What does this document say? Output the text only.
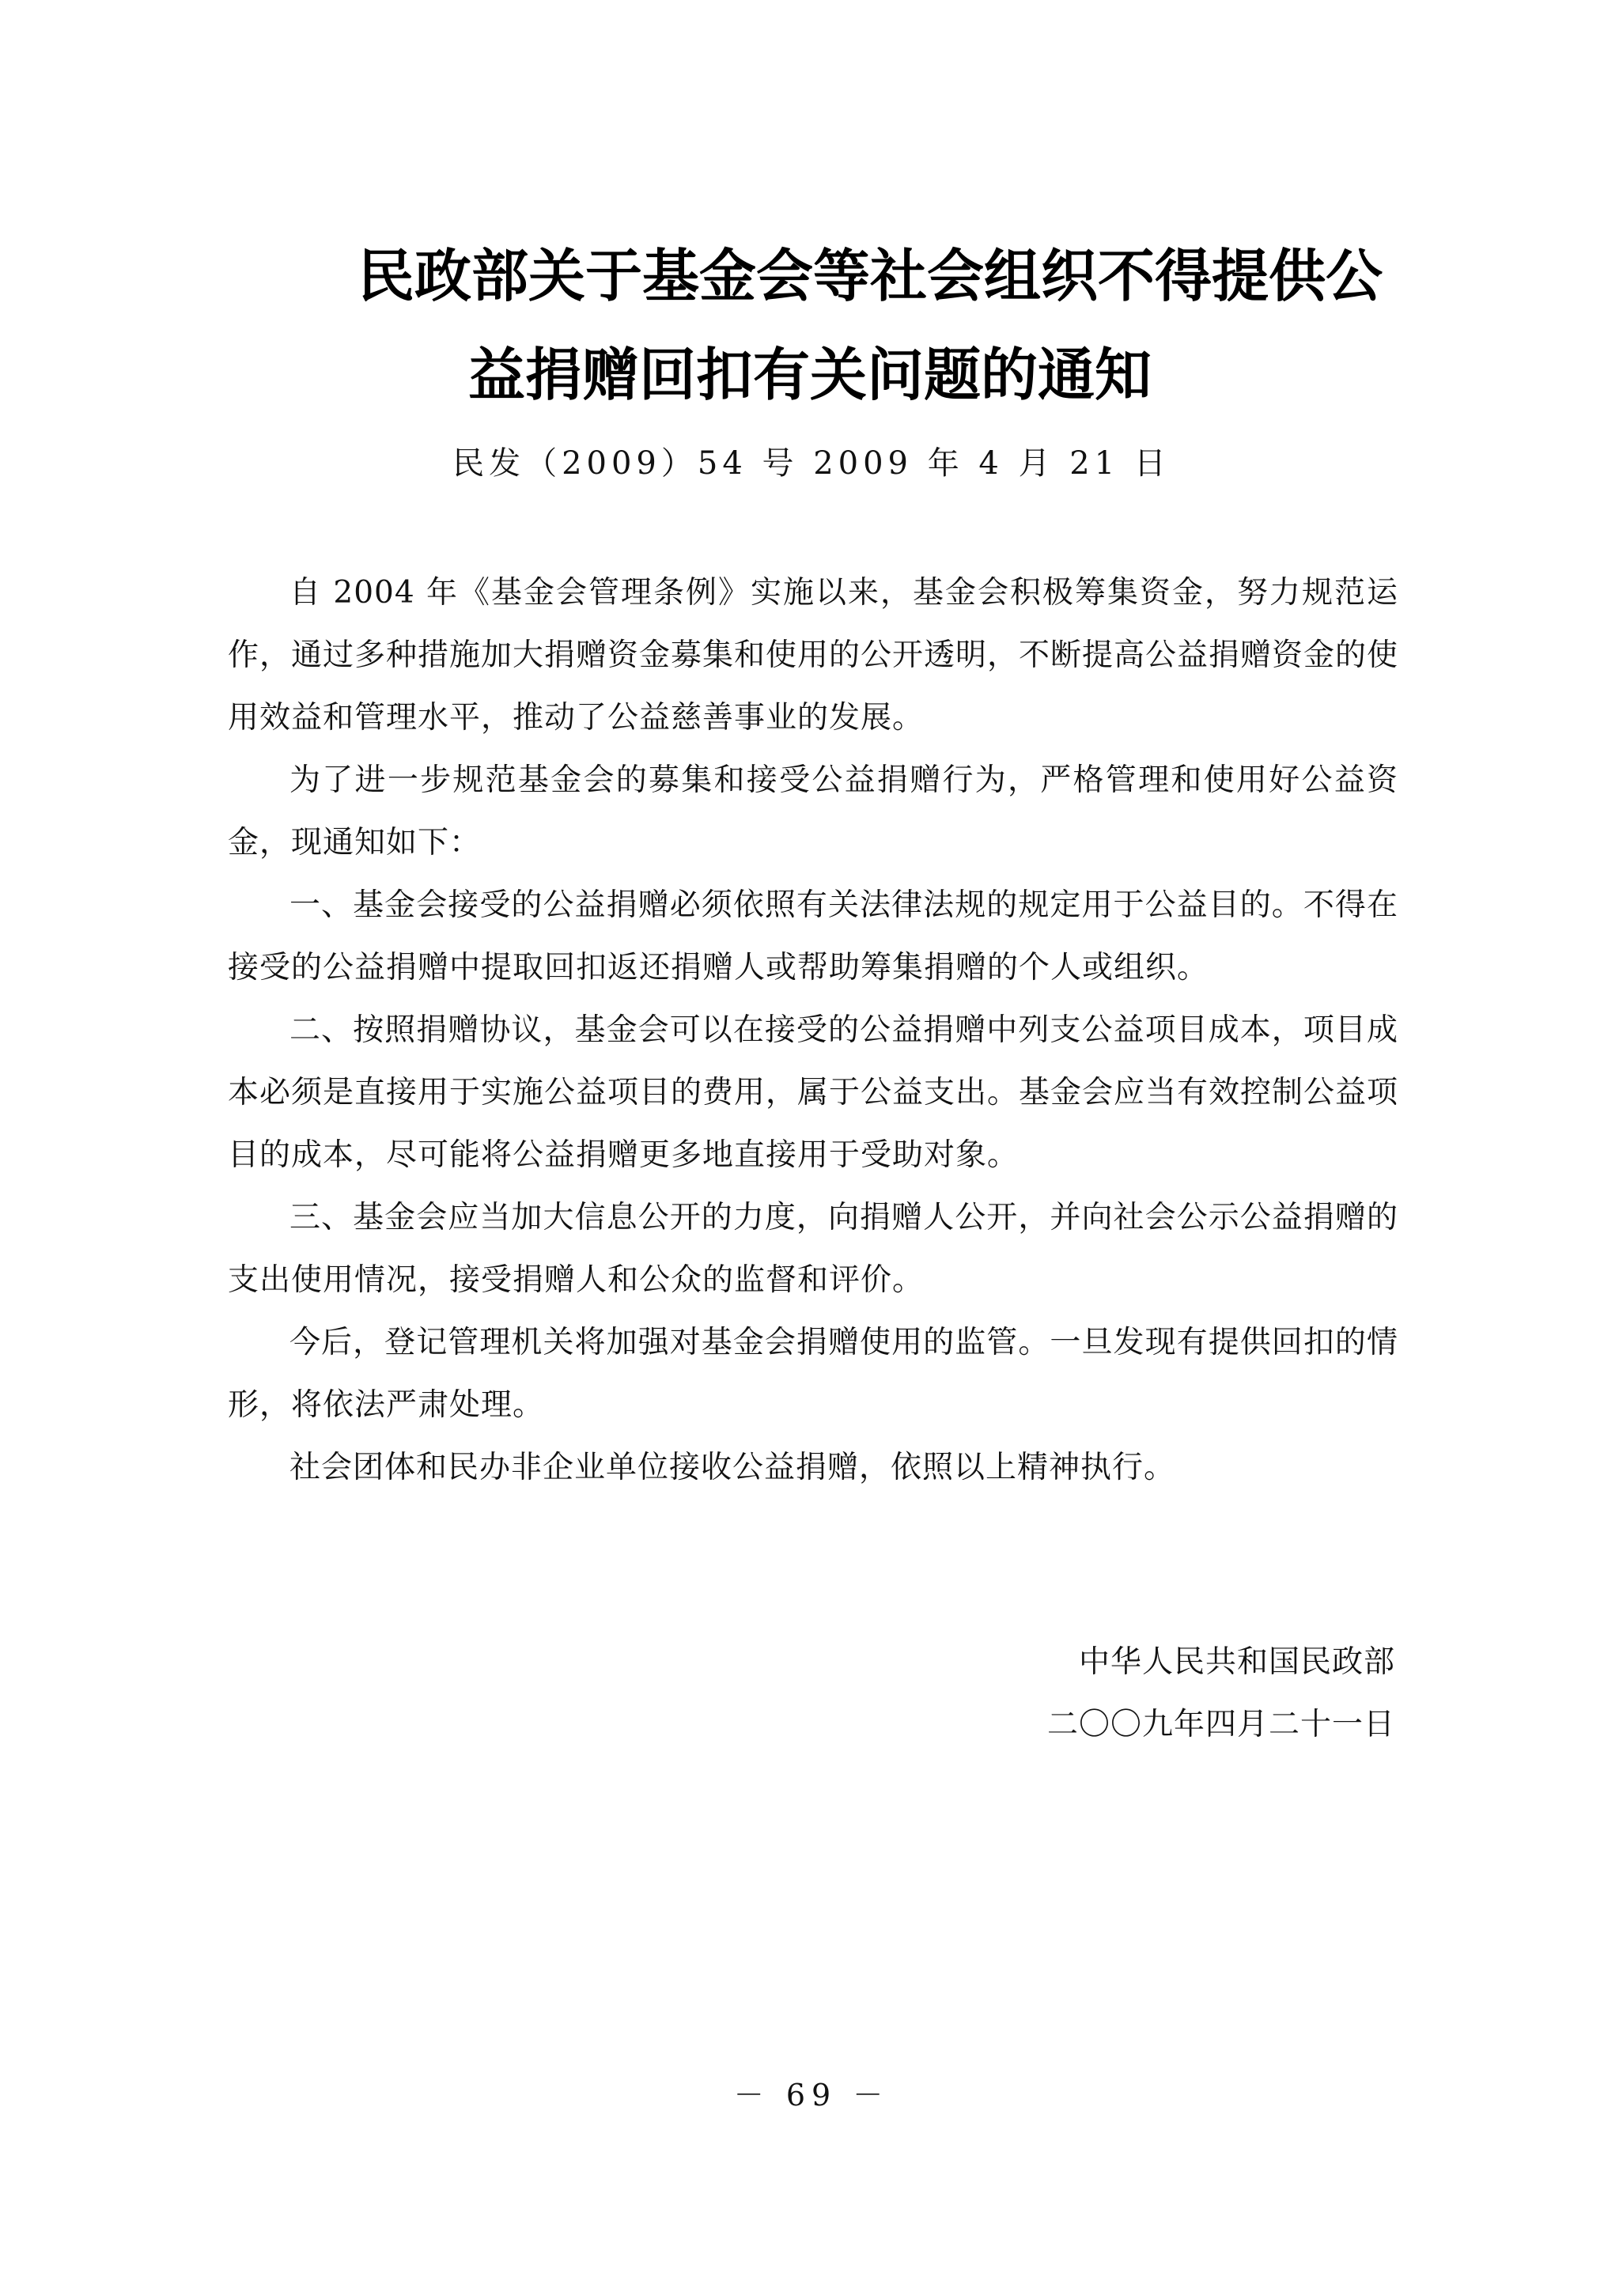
民政部关于基金会等社会组织不得提供公
益捐赠回扣有关问题的通知
民发（2009）54 号 2009 年 4 月 21 日

自 2004 年《基金会管理条例》实施以来，基金会积极筹集资金，努力规范运作，通过多种措施加大捐赠资金募集和使用的公开透明，不断提高公益捐赠资金的使用效益和管理水平，推动了公益慈善事业的发展。

为了进一步规范基金会的募集和接受公益捐赠行为，严格管理和使用好公益资金，现通知如下：

一、基金会接受的公益捐赠必须依照有关法律法规的规定用于公益目的。不得在接受的公益捐赠中提取回扣返还捐赠人或帮助筹集捐赠的个人或组织。

二、按照捐赠协议，基金会可以在接受的公益捐赠中列支公益项目成本，项目成本必须是直接用于实施公益项目的费用，属于公益支出。基金会应当有效控制公益项目的成本，尽可能将公益捐赠更多地直接用于受助对象。

三、基金会应当加大信息公开的力度，向捐赠人公开，并向社会公示公益捐赠的支出使用情况，接受捐赠人和公众的监督和评价。

今后，登记管理机关将加强对基金会捐赠使用的监管。一旦发现有提供回扣的情形，将依法严肃处理。

社会团体和民办非企业单位接收公益捐赠，依照以上精神执行。

中华人民共和国民政部
二〇〇九年四月二十一日
－ 69 －
